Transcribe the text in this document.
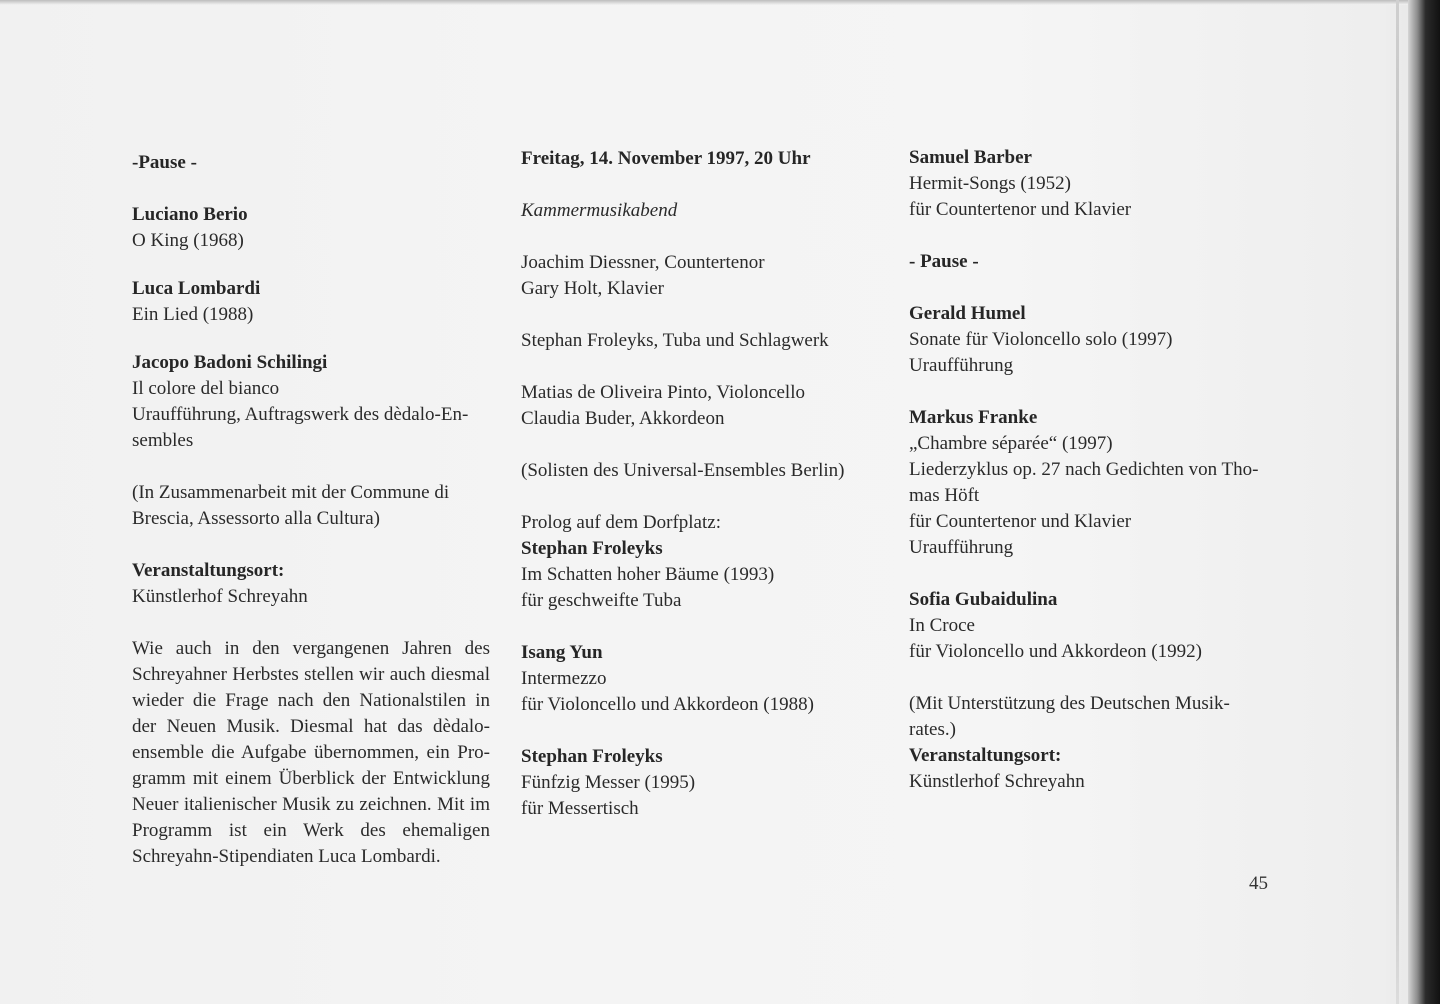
-Pause -

Luciano Berio

O King (1968)

Luca Lombardi

Ein Lied (1988)

Jacopo Badoni Schilingi

Il colore del bianco

Uraufführung, Auftragswerk des dèdalo-En-

sembles

(In Zusammenarbeit mit der Commune di

Brescia, Assessorto alla Cultura)

Veranstaltungsort:

Künstlerhof Schreyahn

Wie auch in den vergangenen Jahren des

Schreyahner Herbstes stellen wir auch diesmal

wieder die Frage nach den Nationalstilen in

der Neuen Musik. Diesmal hat das dèdalo-

ensemble die Aufgabe übernommen, ein Pro-

gramm mit einem Überblick der Entwicklung

Neuer italienischer Musik zu zeichnen. Mit im

Programm ist ein Werk des ehemaligen

Schreyahn-Stipendiaten Luca Lombardi.

Freitag, 14. November 1997, 20 Uhr

Kammermusikabend

Joachim Diessner, Countertenor

Gary Holt, Klavier

Stephan Froleyks, Tuba und Schlagwerk

Matias de Oliveira Pinto, Violoncello

Claudia Buder, Akkordeon

(Solisten des Universal-Ensembles Berlin)

Prolog auf dem Dorfplatz:

Stephan Froleyks

Im Schatten hoher Bäume (1993)

für geschweifte Tuba

Isang Yun

Intermezzo

für Violoncello und Akkordeon (1988)

Stephan Froleyks

Fünfzig Messer (1995)

für Messertisch

Samuel Barber

Hermit-Songs (1952)

für Countertenor und Klavier

- Pause -

Gerald Humel

Sonate für Violoncello solo (1997)

Uraufführung

Markus Franke

„Chambre séparée“ (1997)

Liederzyklus op. 27 nach Gedichten von Tho-

mas Höft

für Countertenor und Klavier

Uraufführung

Sofia Gubaidulina

In Croce

für Violoncello und Akkordeon (1992)

(Mit Unterstützung des Deutschen Musik-

rates.)

Veranstaltungsort:

Künstlerhof Schreyahn

45
